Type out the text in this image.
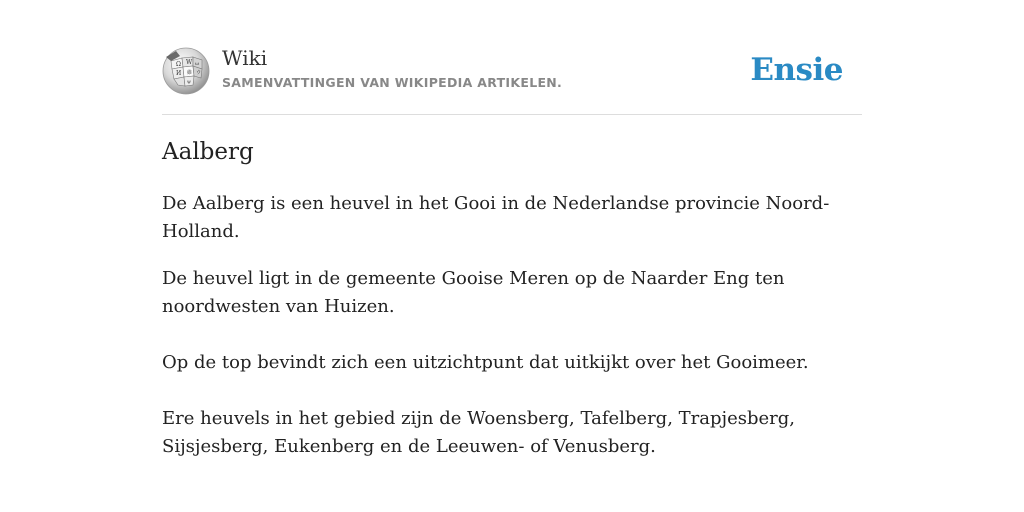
Ω W ω
И 維 ウ
ψ
Wiki
SAMENVATTINGEN VAN WIKIPEDIA ARTIKELEN.	Ensie
Aalberg

De Aalberg is een heuvel in het Gooi in de Nederlandse provincie Noord-Holland.

De heuvel ligt in de gemeente Gooise Meren op de Naarder Eng ten noordwesten van Huizen.

Op de top bevindt zich een uitzichtpunt dat uitkijkt over het Gooimeer.

Ere heuvels in het gebied zijn de Woensberg, Tafelberg, Trapjesberg, Sijsjesberg, Eukenberg en de Leeuwen- of Venusberg.
